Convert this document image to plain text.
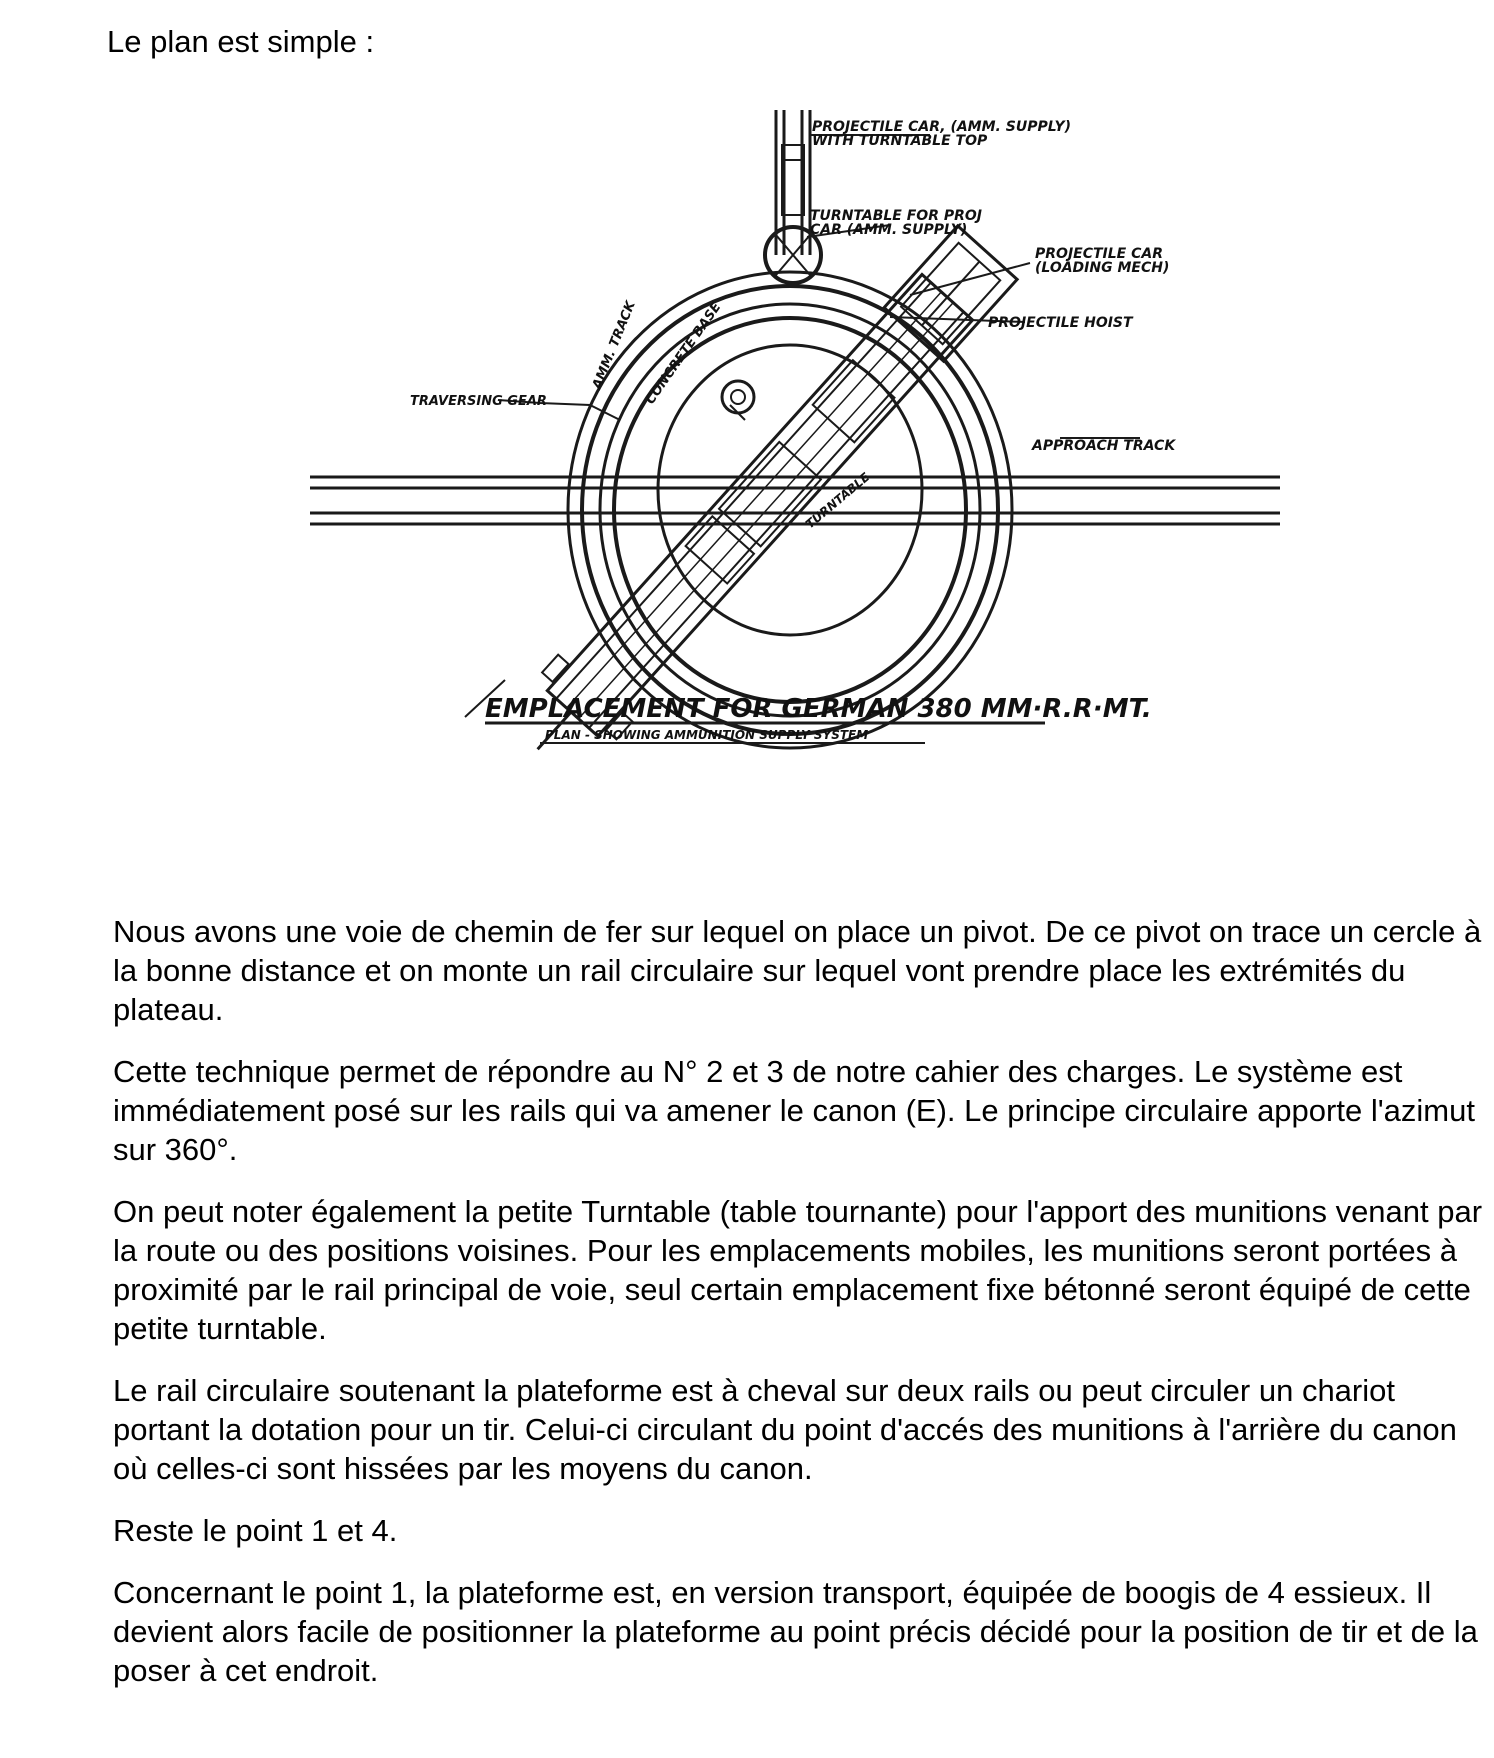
Le plan est simple :

PROJECTILE CAR, (AMM. SUPPLY)
WITH TURNTABLE TOP
TURNTABLE FOR PROJ
CAR (AMM. SUPPLY)
PROJECTILE CAR
(LOADING MECH)
PROJECTILE HOIST
TRAVERSING GEAR
APPROACH TRACK
AMM. TRACK CONCRETE BASE
TURNTABLE
EMPLACEMENT FOR GERMAN 380 MM·R.R·MT.
PLAN - SHOWING AMMUNITION SUPPLY SYSTEM

Nous avons une voie de chemin de fer sur lequel on place un pivot. De ce pivot on trace un cercle à la bonne distance et on monte un rail circulaire sur lequel vont prendre place les extrémités du plateau.

Cette technique permet de répondre au N° 2 et 3 de notre cahier des charges. Le système est immédiatement posé sur les rails qui va amener le canon (E). Le principe circulaire apporte l'azimut sur 360°.

On peut noter également la petite Turntable (table tournante) pour l'apport des munitions venant par la route ou des positions voisines. Pour les emplacements mobiles, les munitions seront portées à proximité par le rail principal de voie, seul certain emplacement fixe bétonné seront équipé de cette petite turntable.

Le rail circulaire soutenant la plateforme est à cheval sur deux rails ou peut circuler un chariot portant la dotation pour un tir. Celui-ci circulant du point d'accés des munitions à l'arrière du canon où celles-ci sont hissées par les moyens du canon.

Reste le point 1 et 4.

Concernant le point 1, la plateforme est, en version transport, équipée de boogis de 4 essieux. Il devient alors facile de positionner la plateforme au point précis décidé pour la position de tir et de la poser à cet endroit.
